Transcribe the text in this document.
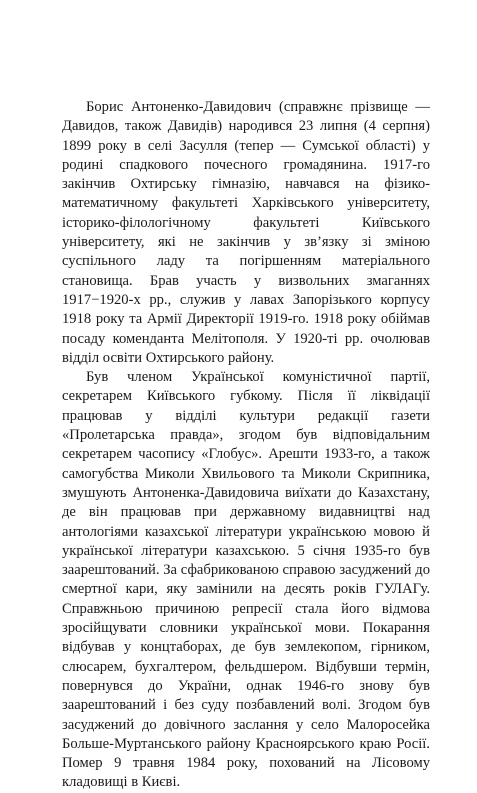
Борис Антоненко-Давидович (справжнє прізвище — Давидов, також Давидів) народився 23 липня (4 серпня) 1899 року в селі Засулля (тепер — Сумської області) у родині спадкового почесного громадянина. 1917-го закінчив Охтирську гімназію, навчався на фізико-математичному факультеті Харківського університету, історико-філологічному факультеті Київського університету, які не закінчив у зв’язку зі зміною суспільного ладу та погіршенням матеріального становища. Брав участь у визвольних змаганнях 1917−1920-х рр., служив у лавах Запорізького корпусу 1918 року та Армії Директорії 1919-го. 1918 року обіймав посаду коменданта Мелітополя. У 1920-ті рр. очолював відділ освіти Охтирського району.

Був членом Української комуністичної партії, секретарем Київського губкому. Після її ліквідації працював у відділі культури редакції газети «Пролетарська правда», згодом був відповідальним секретарем часопису «Глобус». Арешти 1933-го, а також самогубства Миколи Хвильового та Миколи Скрипника, змушують Антоненка-Давидовича виїхати до Казахстану, де він працював при державному видавництві над антологіями казахської літератури українською мовою й української літератури казахською. 5 січня 1935-го був заарештований. За сфабрикованою справою засуджений до смертної кари, яку замінили на десять років ГУЛАГу. Справжньою причиною репресії стала його відмова зросійщувати словники української мови. Покарання відбував у концтаборах, де був землекопом, гірником, слюсарем, бухгалтером, фельдшером. Відбувши термін, повернувся до України, однак 1946-го знову був заарештований і без суду позбавлений волі. Згодом був засуджений до довічного заслання у село Малоросейка Больше-Муртанського району Красноярського краю Росії. Помер 9 травня 1984 року, похований на Лісовому кладовищі в Києві.
